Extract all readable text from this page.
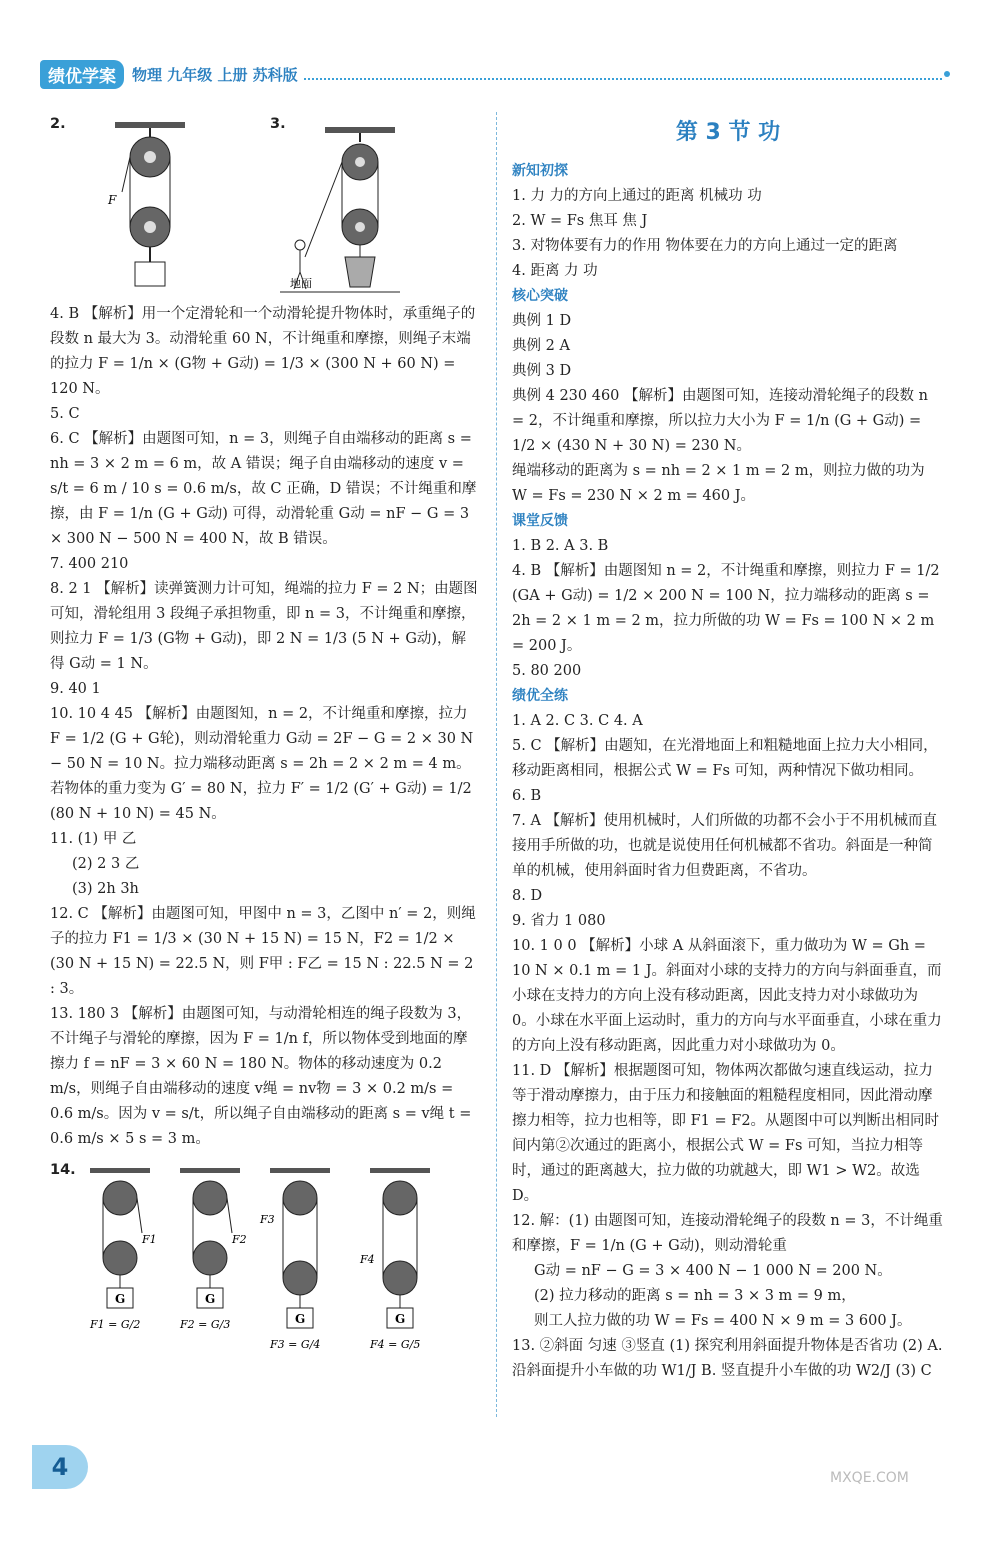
绩优学案	物理 九年级 上册 苏科版
2.
F
3.
地面

4. B 【解析】用一个定滑轮和一个动滑轮提升物体时，承重绳子的段数 n 最大为 3。动滑轮重 60 N，不计绳重和摩擦，则绳子末端的拉力 F = 1/n × (G物 + G动) = 1/3 × (300 N + 60 N) = 120 N。

5. C

6. C 【解析】由题图可知，n = 3，则绳子自由端移动的距离 s = nh = 3 × 2 m = 6 m，故 A 错误；绳子自由端移动的速度 v = s/t = 6 m / 10 s = 0.6 m/s，故 C 正确，D 错误；不计绳重和摩擦，由 F = 1/n (G + G动) 可得，动滑轮重 G动 = nF − G = 3 × 300 N − 500 N = 400 N，故 B 错误。

7. 400 210

8. 2 1 【解析】读弹簧测力计可知，绳端的拉力 F = 2 N；由题图可知，滑轮组用 3 段绳子承担物重，即 n = 3，不计绳重和摩擦，则拉力 F = 1/3 (G物 + G动)，即 2 N = 1/3 (5 N + G动)，解得 G动 = 1 N。

9. 40 1

10. 10 4 45 【解析】由题图知，n = 2，不计绳重和摩擦，拉力 F = 1/2 (G + G轮)，则动滑轮重力 G动 = 2F − G = 2 × 30 N − 50 N = 10 N。拉力端移动距离 s = 2h = 2 × 2 m = 4 m。若物体的重力变为 G′ = 80 N，拉力 F′ = 1/2 (G′ + G动) = 1/2 (80 N + 10 N) = 45 N。

11. (1) 甲 乙

(2) 2 3 乙

(3) 2h 3h

12. C 【解析】由题图可知，甲图中 n = 3，乙图中 n′ = 2，则绳子的拉力 F1 = 1/3 × (30 N + 15 N) = 15 N，F2 = 1/2 × (30 N + 15 N) = 22.5 N，则 F甲 : F乙 = 15 N : 22.5 N = 2 : 3。

13. 180 3 【解析】由题图可知，与动滑轮相连的绳子段数为 3，不计绳子与滑轮的摩擦，因为 F = 1/n f，所以物体受到地面的摩擦力 f = nF = 3 × 60 N = 180 N。物体的移动速度为 0.2 m/s，则绳子自由端移动的速度 v绳 = nv物 = 3 × 0.2 m/s = 0.6 m/s。因为 v = s/t，所以绳子自由端移动的距离 s = v绳 t = 0.6 m/s × 5 s = 3 m。

14.
F1	F2
F3
F4
G	G
G	G
F1 = G/2	F2 = G/3
F3 = G/4	F4 = G/5
第 3 节 功

新知初探

1. 力 力的方向上通过的距离 机械功 功

2. W = Fs 焦耳 焦 J

3. 对物体要有力的作用 物体要在力的方向上通过一定的距离

4. 距离 力 功

核心突破

典例 1 D

典例 2 A

典例 3 D

典例 4 230 460 【解析】由题图可知，连接动滑轮绳子的段数 n = 2，不计绳重和摩擦，所以拉力大小为 F = 1/n (G + G动) = 1/2 × (430 N + 30 N) = 230 N。

绳端移动的距离为 s = nh = 2 × 1 m = 2 m，则拉力做的功为 W = Fs = 230 N × 2 m = 460 J。

课堂反馈

1. B 2. A 3. B

4. B 【解析】由题图知 n = 2，不计绳重和摩擦，则拉力 F = 1/2 (GA + G动) = 1/2 × 200 N = 100 N，拉力端移动的距离 s = 2h = 2 × 1 m = 2 m，拉力所做的功 W = Fs = 100 N × 2 m = 200 J。

5. 80 200

绩优全练

1. A 2. C 3. C 4. A

5. C 【解析】由题知，在光滑地面上和粗糙地面上拉力大小相同，移动距离相同，根据公式 W = Fs 可知，两种情况下做功相同。

6. B

7. A 【解析】使用机械时，人们所做的功都不会小于不用机械而直接用手所做的功，也就是说使用任何机械都不省功。斜面是一种简单的机械，使用斜面时省力但费距离，不省功。

8. D

9. 省力 1 080

10. 1 0 0 【解析】小球 A 从斜面滚下，重力做功为 W = Gh = 10 N × 0.1 m = 1 J。斜面对小球的支持力的方向与斜面垂直，而小球在支持力的方向上没有移动距离，因此支持力对小球做功为 0。小球在水平面上运动时，重力的方向与水平面垂直，小球在重力的方向上没有移动距离，因此重力对小球做功为 0。

11. D 【解析】根据题图可知，物体两次都做匀速直线运动，拉力等于滑动摩擦力，由于压力和接触面的粗糙程度相同，因此滑动摩擦力相等，拉力也相等，即 F1 = F2。从题图中可以判断出相同时间内第②次通过的距离小，根据公式 W = Fs 可知，当拉力相等时，通过的距离越大，拉力做的功就越大，即 W1 > W2。故选 D。

12. 解：(1) 由题图可知，连接动滑轮绳子的段数 n = 3，不计绳重和摩擦，F = 1/n (G + G动)，则动滑轮重

G动 = nF − G = 3 × 400 N − 1 000 N = 200 N。

(2) 拉力移动的距离 s = nh = 3 × 3 m = 9 m，

则工人拉力做的功 W = Fs = 400 N × 9 m = 3 600 J。

13. ②斜面 匀速 ③竖直 (1) 探究利用斜面提升物体是否省功 (2) A. 沿斜面提升小车做的功 W1/J B. 竖直提升小车做的功 W2/J (3) C

4	MXQE.COM
